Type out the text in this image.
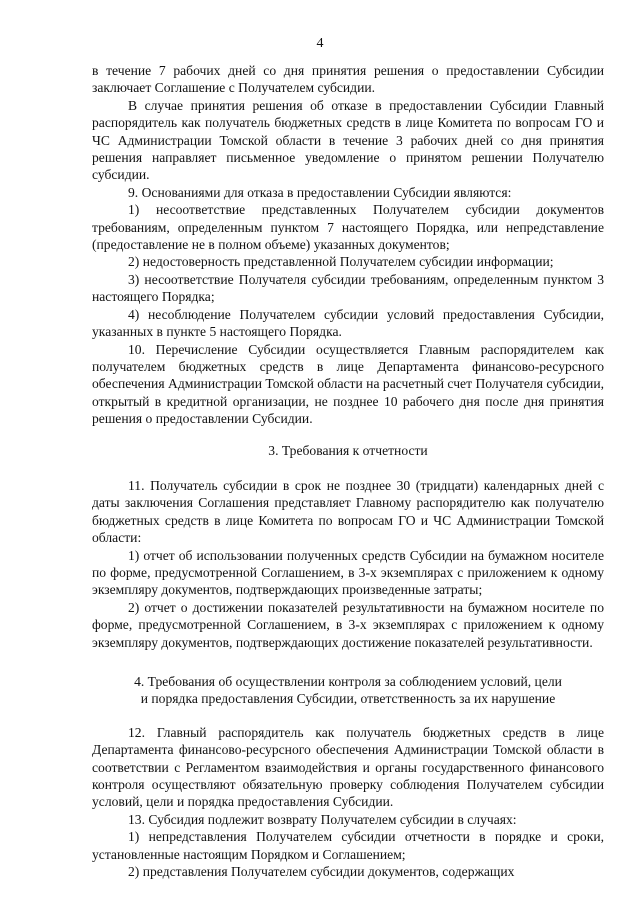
4

в течение 7 рабочих дней со дня принятия решения о предоставлении Субсидии заключает Соглашение с Получателем субсидии.

В случае принятия решения об отказе в предоставлении Субсидии Главный распорядитель как получатель бюджетных средств в лице Комитета по вопросам ГО и ЧС Администрации Томской области в течение 3 рабочих дней со дня принятия решения направляет письменное уведомление о принятом решении Получателю субсидии.

9. Основаниями для отказа в предоставлении Субсидии являются:

1) несоответствие представленных Получателем субсидии документов требованиям, определенным пунктом 7 настоящего Порядка, или непредставление (предоставление не в полном объеме) указанных документов;

2) недостоверность представленной Получателем субсидии информации;

3) несоответствие Получателя субсидии требованиям, определенным пунктом 3 настоящего Порядка;

4) несоблюдение Получателем субсидии условий предоставления Субсидии, указанных в пункте 5 настоящего Порядка.

10. Перечисление Субсидии осуществляется Главным распорядителем как получателем бюджетных средств в лице Департамента финансово-ресурсного обеспечения Администрации Томской области на расчетный счет Получателя субсидии, открытый в кредитной организации, не позднее 10 рабочего дня после дня принятия решения о предоставлении Субсидии.

3. Требования к отчетности

11. Получатель субсидии в срок не позднее 30 (тридцати) календарных дней с даты заключения Соглашения представляет Главному распорядителю как получателю бюджетных средств в лице Комитета по вопросам ГО и ЧС Администрации Томской области:

1) отчет об использовании полученных средств Субсидии на бумажном носителе по форме, предусмотренной Соглашением, в 3-х экземплярах с приложением к одному экземпляру документов, подтверждающих произведенные затраты;

2) отчет о достижении показателей результативности на бумажном носителе по форме, предусмотренной Соглашением, в 3-х экземплярах с приложением к одному экземпляру документов, подтверждающих достижение показателей результативности.

4. Требования об осуществлении контроля за соблюдением условий, цели

и порядка предоставления Субсидии, ответственность за их нарушение

12. Главный распорядитель как получатель бюджетных средств в лице Департамента финансово-ресурсного обеспечения Администрации Томской области в соответствии с Регламентом взаимодействия и органы государственного финансового контроля осуществляют обязательную проверку соблюдения Получателем субсидии условий, цели и порядка предоставления Субсидии.

13. Субсидия подлежит возврату Получателем субсидии в случаях:

1) непредставления Получателем субсидии отчетности в порядке и сроки, установленные настоящим Порядком и Соглашением;

2) представления Получателем субсидии документов, содержащих
